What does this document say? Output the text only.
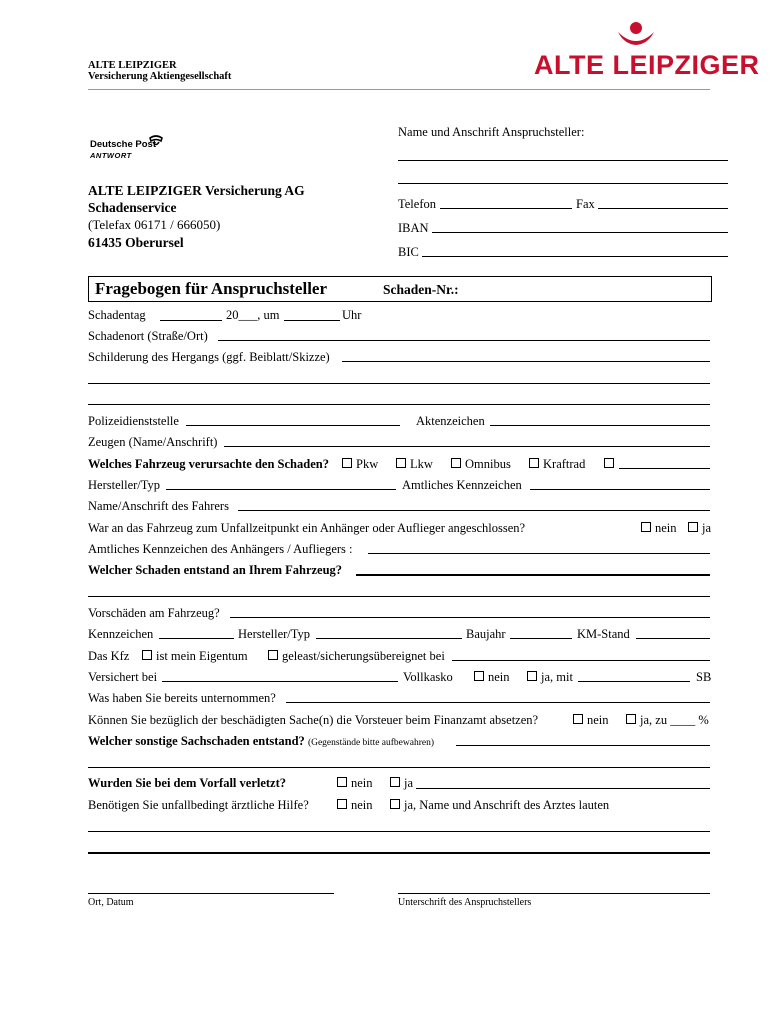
ALTE LEIPZIGER
Versicherung Aktiengesellschaft	ALTE LEIPZIGER
Deutsche Post
ANTWORT
ALTE LEIPZIGER Versicherung AG
Schadenservice
(Telefax 06171 / 666050)
61435 Oberursel
Name und Anschrift Anspruchsteller:
Telefon	Fax
IBAN
BIC
Fragebogen für Anspruchsteller	Schaden-Nr.:
Schadentag	20___, um	Uhr
Schadenort (Straße/Ort)
Schilderung des Hergangs (ggf. Beiblatt/Skizze)
Polizeidienststelle	Aktenzeichen
Zeugen (Name/Anschrift)
Welches Fahrzeug verursachte den Schaden?	Pkw	Lkw	Omnibus	Kraftrad
Hersteller/Typ	Amtliches Kennzeichen
Name/Anschrift des Fahrers
War an das Fahrzeug zum Unfallzeitpunkt ein Anhänger oder Auflieger angeschlossen?	nein	ja
Amtliches Kennzeichen des Anhängers / Aufliegers :
Welcher Schaden entstand an Ihrem Fahrzeug?
Vorschäden am Fahrzeug?
Kennzeichen	Hersteller/Typ	Baujahr	KM-Stand
Das Kfz	ist mein Eigentum	geleast/sicherungsübereignet bei
Versichert bei	Vollkasko	nein	ja, mit	SB
Was haben Sie bereits unternommen?
Können Sie bezüglich der beschädigten Sache(n) die Vorsteuer beim Finanzamt absetzen?	nein	ja, zu ____ %
Welcher sonstige Sachschaden entstand? (Gegenstände bitte aufbewahren)
Wurden Sie bei dem Vorfall verletzt?	nein	ja
Benötigen Sie unfallbedingt ärztliche Hilfe?	nein	ja, Name und Anschrift des Arztes lauten
Ort, Datum	Unterschrift des Anspruchstellers
